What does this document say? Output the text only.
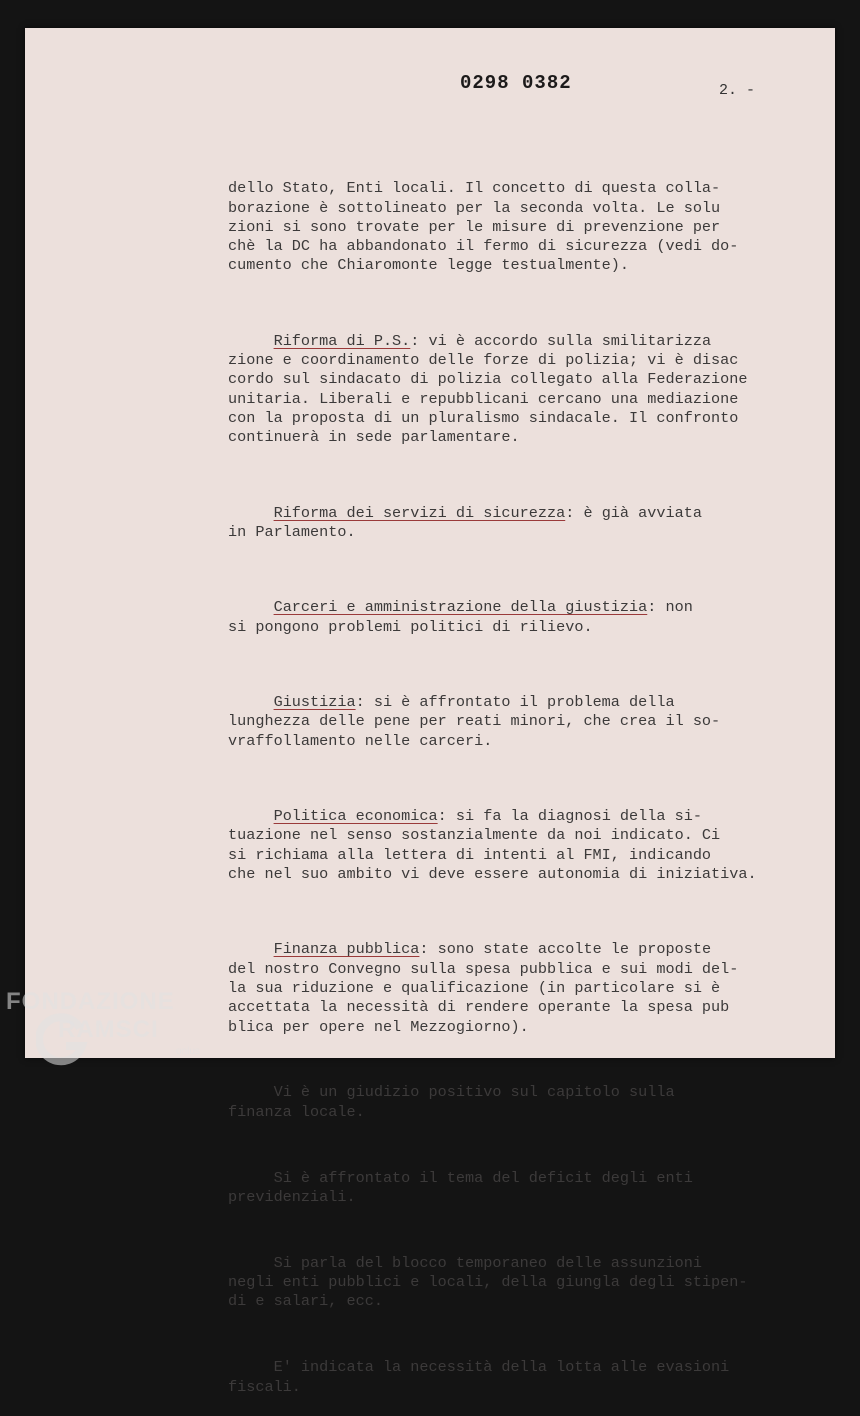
0298 0382	2. -

dello Stato, Enti locali. Il concetto di questa colla-
borazione è sottolineato per la seconda volta. Le solu
zioni si sono trovate per le misure di prevenzione per
chè la DC ha abbandonato il fermo di sicurezza (vedi do-
cumento che Chiaromonte legge testualmente).

Riforma di P.S.: vi è accordo sulla smilitarizza
zione e coordinamento delle forze di polizia; vi è disac
cordo sul sindacato di polizia collegato alla Federazione
unitaria. Liberali e repubblicani cercano una mediazione
con la proposta di un pluralismo sindacale. Il confronto
continuerà in sede parlamentare.

Riforma dei servizi di sicurezza: è già avviata
in Parlamento.

Carceri e amministrazione della giustizia: non
si pongono problemi politici di rilievo.

Giustizia: si è affrontato il problema della
lunghezza delle pene per reati minori, che crea il so-
vraffollamento nelle carceri.

Politica economica: si fa la diagnosi della si-
tuazione nel senso sostanzialmente da noi indicato. Ci
si richiama alla lettera di intenti al FMI, indicando
che nel suo ambito vi deve essere autonomia di iniziativa.

Finanza pubblica: sono state accolte le proposte
del nostro Convegno sulla spesa pubblica e sui modi del-
la sua riduzione e qualificazione (in particolare si è
accettata la necessità di rendere operante la spesa pub
blica per opere nel Mezzogiorno).

Vi è un giudizio positivo sul capitolo sulla
finanza locale.

Si è affrontato il tema del deficit degli enti
previdenziali.

Si parla del blocco temporaneo delle assunzioni
negli enti pubblici e locali, della giungla degli stipen-
di e salari, ecc.

E' indicata la necessità della lotta alle evasioni
fiscali.

FONDAZIONE
RAMSCI
onlus
